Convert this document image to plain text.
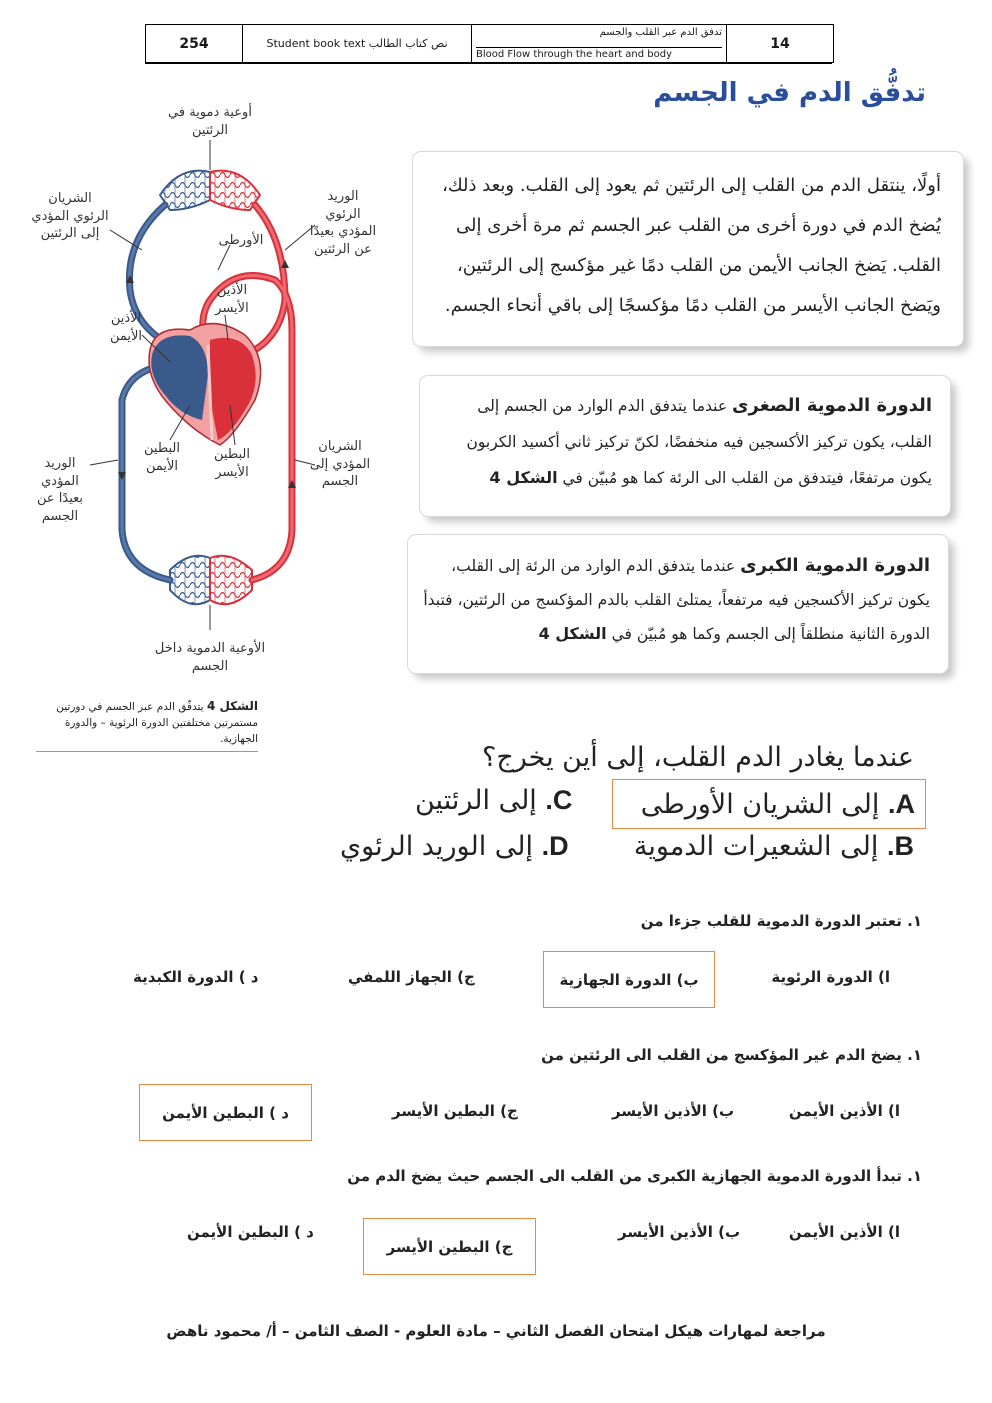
254	Student book text نص كتاب الطالب
تدفق الدم عبر القلب والجسم
Blood Flow through the heart and body
14
تدفُّق الدم في الجسم
أوعية دموية في الرئتين
الشريان الرئوي المؤدي إلى الرئتين
الوريد الرئوي المؤدي بعيدًا عن الرئتين
الأورطى
الأذين الأيسر
الأذين الأيمن
البطين الأيمن
البطين الأيسر
الشريان المؤدي إلى الجسم
الوريد المؤدي بعيدًا عن الجسم
الأوعية الدموية داخل الجسم
الشكل 4 يتدفّق الدم عبر الجسم في دورتين مستمرتين مختلفتين الدورة الرئوية – والدورة الجهازية.
أولًا، ينتقل الدم من القلب إلى الرئتين ثم يعود إلى القلب. وبعد ذلك، يُضخ الدم في دورة أخرى من القلب عبر الجسم ثم مرة أخرى إلى القلب. يَضخ الجانب الأيمن من القلب دمًا غير مؤكسج إلى الرئتين، ويَضخ الجانب الأيسر من القلب دمًا مؤكسجًا إلى باقي أنحاء الجسم.
الدورة الدموية الصغرى عندما يتدفق الدم الوارد من الجسم إلى القلب، يكون تركيز الأكسجين فيه منخفضًا، لكنّ تركيز ثاني أكسيد الكربون يكون مرتفعًا، فيتدفق من القلب الى الرئة كما هو مُبيّن في الشكل 4
الدورة الدموية الكبرى عندما يتدفق الدم الوارد من الرئة إلى القلب، يكون تركيز الأكسجين فيه مرتفعاً، يمتلئ القلب بالدم المؤكسج من الرئتين، فتبدأ الدورة الثانية منطلقاً إلى الجسم وكما هو مُبيّن في الشكل 4
عندما يغادر الدم القلب، إلى أين يخرج؟
A. إلى الشريان الأورطى
C. إلى الرئتين
B. إلى الشعيرات الدموية
D. إلى الوريد الرئوي
١. تعتبر الدورة الدموية للقلب جزءا من
ا) الدورة الرئوية
ب) الدورة الجهازية
ج) الجهاز اللمفي
د ) الدورة الكبدية
١. يضخ الدم غير المؤكسج من القلب الى الرئتين من
ا) الأذين الأيمن
ب) الأذين الأيسر
ج) البطين الأيسر
د ) البطين الأيمن
١. تبدأ الدورة الدموية الجهازية الكبرى من القلب الى الجسم حيث يضخ الدم من
ا) الأذين الأيمن
ب) الأذين الأيسر
ج) البطين الأيسر
د ) البطين الأيمن
مراجعة لمهارات هيكل امتحان الفصل الثاني – مادة العلوم - الصف الثامن – أ/ محمود ناهض
